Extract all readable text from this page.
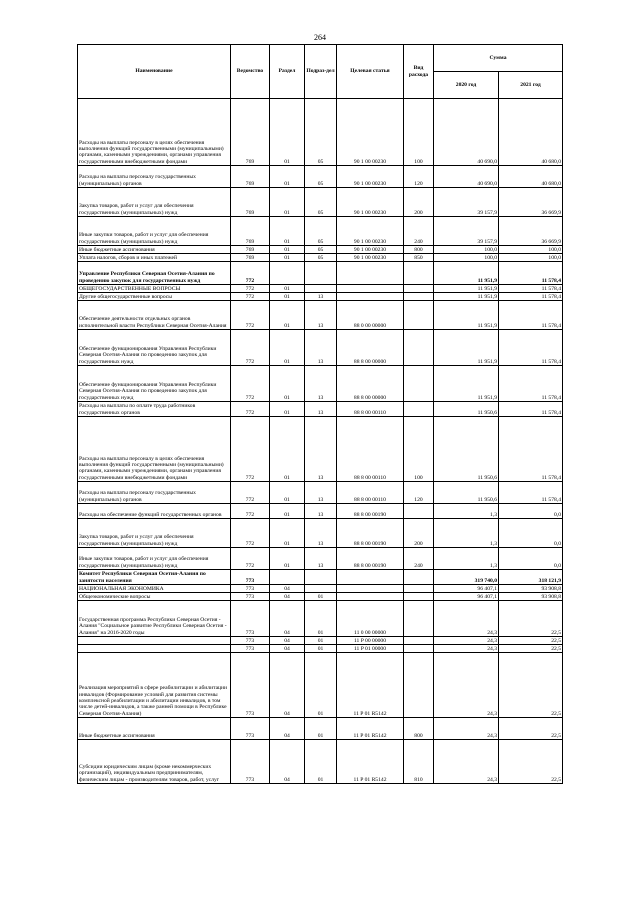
264
Наименование	Ведомство	Раздел	Подраз-дел	Целевая статья	Вид расхода	Сумма	
						2020 год	2021 год
Расходы на выплаты персоналу в целях обеспечения выполнения функций государственными (муниципальными) органами, казенными учреждениями, органами управления государственными внебюджетными фондами	769	01	05	90 1 00 00230	100	40 690,0	40 680,0
Расходы на выплаты персоналу государственных (муниципальных) органов	769	01	05	90 1 00 00230	120	40 690,0	40 680,0
Закупка товаров, работ и услуг для обеспечения государственных (муниципальных) нужд	769	01	05	90 1 00 00230	200	39 157,9	36 669,9
Иные закупки товаров, работ и услуг для обеспечения государственных (муниципальных) нужд	769	01	05	90 1 00 00230	240	39 157,9	36 669,9
Иные бюджетные ассигнования	769	01	05	90 1 00 00230	800	100,0	100,0
Уплата налогов, сборов и иных платежей	769	01	05	90 1 00 00230	850	100,0	100,0
Управление Республики Северная Осетия-Алания по проведению закупок для государственных нужд	772					11 951,9	11 578,4
ОБЩЕГОСУДАРСТВЕННЫЕ ВОПРОСЫ	772	01				11 951,9	11 578,4
Другие общегосударственные вопросы	772	01	13			11 951,9	11 578,4
Обеспечение деятельности отдельных органов исполнительной власти Республики Северная Осетия-Алания	772	01	13	88 0 00 00000		11 951,9	11 578,4
Обеспечение функционирования Управления Республики Северная Осетия-Алания по проведению закупок для государственных нужд	772	01	13	88 8 00 00000		11 951,9	11 578,4
Обеспечение функционирования Управления Республики Северная Осетия-Алания по проведению закупок для государственных нужд	772	01	13	88 8 00 00000		11 951,9	11 578,4
Расходы на выплаты по оплате труда работников государственных органов	772	01	13	88 8 00 00110		11 950,6	11 578,4
Расходы на выплаты персоналу в целях обеспечения выполнения функций государственными (муниципальными) органами, казенными учреждениями, органами управления государственными внебюджетными фондами	772	01	13	88 8 00 00110	100	11 950,6	11 578,4
Расходы на выплаты персоналу государственных (муниципальных) органов	772	01	13	88 8 00 00110	120	11 950,6	11 578,4
Расходы на обеспечение функций государственных органов	772	01	13	88 8 00 00190		1,3	0,0
Закупка товаров, работ и услуг для обеспечения государственных (муниципальных) нужд	772	01	13	88 8 00 00190	200	1,3	0,0
Иные закупки товаров, работ и услуг для обеспечения государственных (муниципальных) нужд	772	01	13	88 8 00 00190	240	1,3	0,0
Комитет Республики Северная Осетия-Алания по занятости населения	773					319 740,0	318 121,9
НАЦИОНАЛЬНАЯ ЭКОНОМИКА	773	04				96 407,1	93 908,8
Общеэкономические вопросы	773	04	01			96 407,1	93 908,8
Государственная программа Республики Северная Осетия - Алания "Социальное развитие Республики Северная Осетия - Алания" на 2016-2020 годы	773	04	01	11 0 00 00000		24,3	22,5
	773	04	01	11 P 00 00000		24,3	22,5
	773	04	01	11 P 01 00000		24,3	22,5
Реализация мероприятий в сфере реабилитации и абилитации инвалидов (Формирование условий для развития системы комплексной реабилитации и абилитации инвалидов, в том числе детей-инвалидов, а также ранней помощи в Республике Северная Осетия-Алания)	773	04	01	11 P 01 R5142		24,3	22,5
Иные бюджетные ассигнования	773	04	01	11 P 01 R5142	800	24,3	22,5
Субсидии юридическим лицам (кроме некоммерческих организаций), индивидуальным предпринимателям, физическим лицам - производителям товаров, работ, услуг	773	04	01	11 P 01 R5142	810	24,3	22,5
